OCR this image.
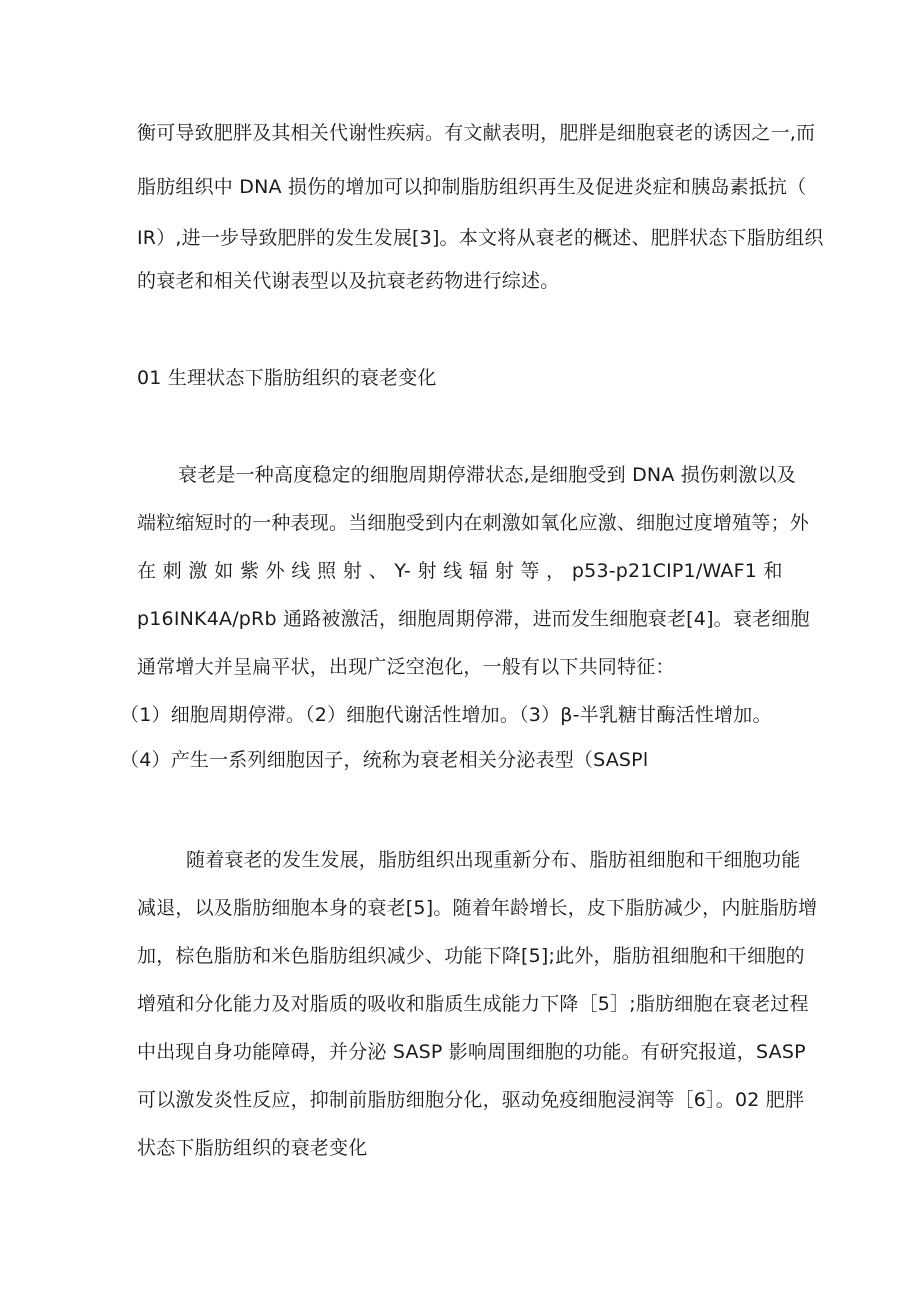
衡可导致肥胖及其相关代谢性疾病。有文献表明，肥胖是细胞衰老的诱因之一,而
脂肪组织中 DNA 损伤的增加可以抑制脂肪组织再生及促进炎症和胰岛素抵抗（
IR）,进一步导致肥胖的发生发展[3]。本文将从衰老的概述、肥胖状态下脂肪组织
的衰老和相关代谢表型以及抗衰老药物进行综述。
01 生理状态下脂肪组织的衰老变化
衰老是一种高度稳定的细胞周期停滞状态,是细胞受到 DNA 损伤刺激以及
端粒缩短时的一种表现。当细胞受到内在刺激如氧化应激、细胞过度增殖等；外
在 刺 激 如 紫 外 线 照 射 、 Y- 射 线 辐 射 等 ， p53-p21CIP1/WAF1 和
p16INK4A/pRb 通路被激活，细胞周期停滞，进而发生细胞衰老[4]。衰老细胞
通常增大并呈扁平状，出现广泛空泡化，一般有以下共同特征：
（1）细胞周期停滞。（2）细胞代谢活性增加。（3）β-半乳糖甘酶活性增加。
（4）产生一系列细胞因子，统称为衰老相关分泌表型（SASPl
随着衰老的发生发展，脂肪组织出现重新分布、脂肪祖细胞和干细胞功能
减退，以及脂肪细胞本身的衰老[5]。随着年龄增长，皮下脂肪减少，内脏脂肪增
加，棕色脂肪和米色脂肪组织减少、功能下降[5];此外，脂肪祖细胞和干细胞的
增殖和分化能力及对脂质的吸收和脂质生成能力下降［5］;脂肪细胞在衰老过程
中出现自身功能障碍，并分泌 SASP 影响周围细胞的功能。有研究报道，SASP
可以激发炎性反应，抑制前脂肪细胞分化，驱动免疫细胞浸润等［6］。02 肥胖
状态下脂肪组织的衰老变化
